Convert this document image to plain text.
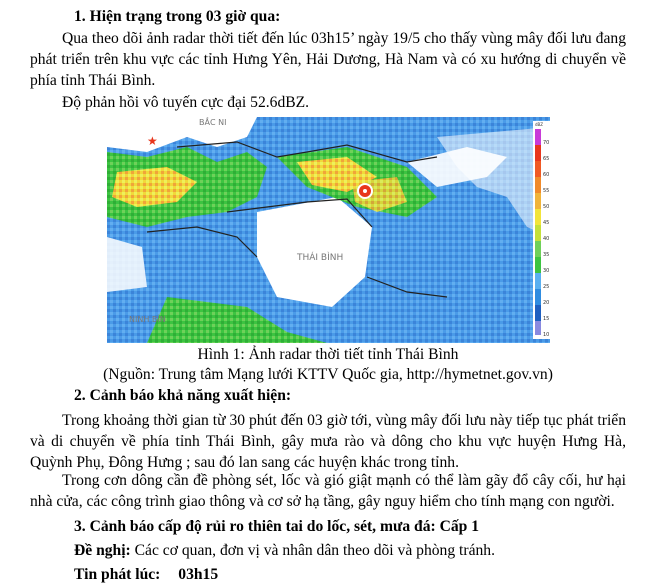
1. Hiện trạng trong 03 giờ qua:
Qua theo dõi ảnh radar thời tiết đến lúc 03h15’ ngày 19/5 cho thấy vùng mây đối lưu đang phát triển trên khu vực các tỉnh Hưng Yên, Hải Dương, Hà Nam và có xu hướng di chuyển về phía tỉnh Thái Bình.
Độ phản hồi vô tuyến cực đại 52.6dBZ.
★
BẮC NI
THÁI BÌNH
NINH BÌN
dBZ
70
65
60
55
50
45
40
35
30
25
20
15
10
Hình 1: Ảnh radar thời tiết tỉnh Thái Bình
(Nguồn: Trung tâm Mạng lưới KTTV Quốc gia, http://hymetnet.gov.vn)
2. Cảnh báo khả năng xuất hiện:
Trong khoảng thời gian từ 30 phút đến 03 giờ tới, vùng mây đối lưu này tiếp tục phát triển và di chuyển về phía tỉnh Thái Bình, gây mưa rào và dông cho khu vực huyện Hưng Hà, Quỳnh Phụ, Đông Hưng ; sau đó lan sang các huyện khác trong tỉnh.
Trong cơn dông cần đề phòng sét, lốc và gió giật mạnh có thể làm gãy đổ cây cối, hư hại nhà cửa, các công trình giao thông và cơ sở hạ tầng, gây nguy hiểm cho tính mạng con người.
3. Cảnh báo cấp độ rủi ro thiên tai do lốc, sét, mưa đá: Cấp 1
Đề nghị: Các cơ quan, đơn vị và nhân dân theo dõi và phòng tránh.
Tin phát lúc: 03h15
